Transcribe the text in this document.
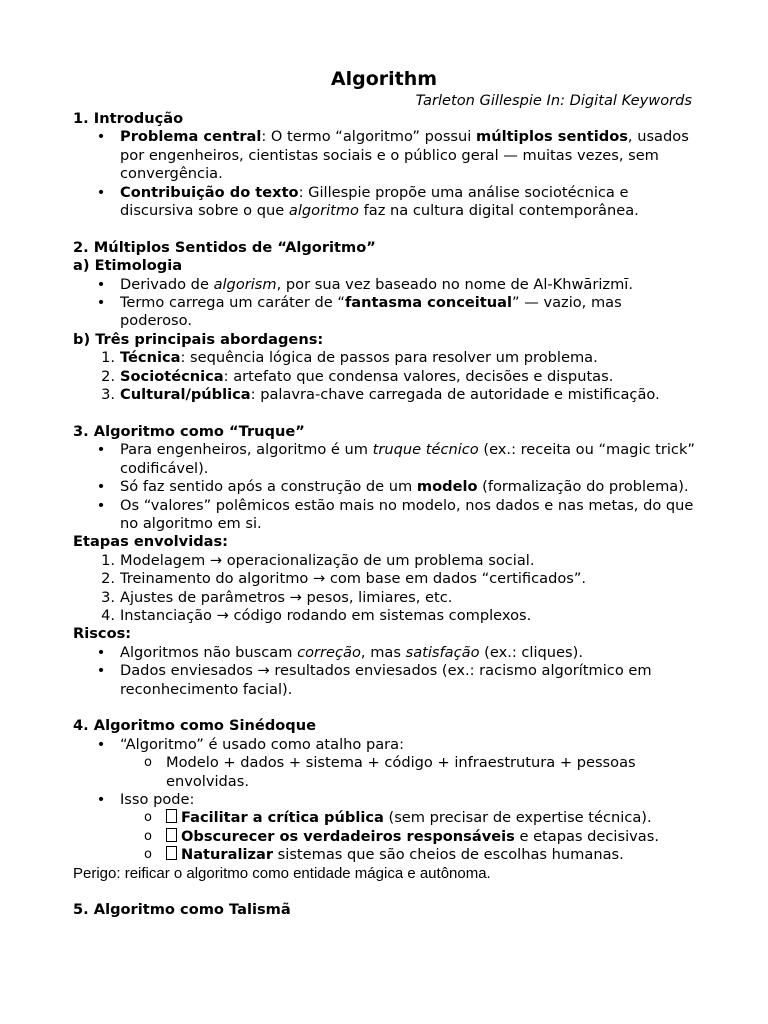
Algorithm
Tarleton Gillespie In: Digital Keywords

1. Introdução

• Problema central: O termo “algoritmo” possui múltiplos sentidos, usados por engenheiros, cientistas sociais e o público geral — muitas vezes, sem convergência.
• Contribuição do texto: Gillespie propõe uma análise sociotécnica e discursiva sobre o que algoritmo faz na cultura digital contemporânea.

2. Múltiplos Sentidos de “Algoritmo”

a) Etimologia

• Derivado de algorism, por sua vez baseado no nome de Al-Khwārizmī.
• Termo carrega um caráter de “fantasma conceitual” — vazio, mas poderoso.

b) Três principais abordagens:

1. Técnica: sequência lógica de passos para resolver um problema.
2. Sociotécnica: artefato que condensa valores, decisões e disputas.
3. Cultural/pública: palavra-chave carregada de autoridade e mistificação.

3. Algoritmo como “Truque”

• Para engenheiros, algoritmo é um truque técnico (ex.: receita ou “magic trick” codificável).
• Só faz sentido após a construção de um modelo (formalização do problema).
• Os “valores” polêmicos estão mais no modelo, nos dados e nas metas, do que no algoritmo em si.

Etapas envolvidas:

1. Modelagem → operacionalização de um problema social.
2. Treinamento do algoritmo → com base em dados “certificados”.
3. Ajustes de parâmetros → pesos, limiares, etc.
4. Instanciação → código rodando em sistemas complexos.

Riscos:

• Algoritmos não buscam correção, mas satisfação (ex.: cliques).
• Dados enviesados → resultados enviesados (ex.: racismo algorítmico em reconhecimento facial).

4. Algoritmo como Sinédoque

• “Algoritmo” é usado como atalho para:
o Modelo + dados + sistema + código + infraestrutura + pessoas envolvidas.
• Isso pode:
o Facilitar a crítica pública (sem precisar de expertise técnica).
o Obscurecer os verdadeiros responsáveis e etapas decisivas.
o Naturalizar sistemas que são cheios de escolhas humanas.

Perigo: reificar o algoritmo como entidade mágica e autônoma.

5. Algoritmo como Talismã
